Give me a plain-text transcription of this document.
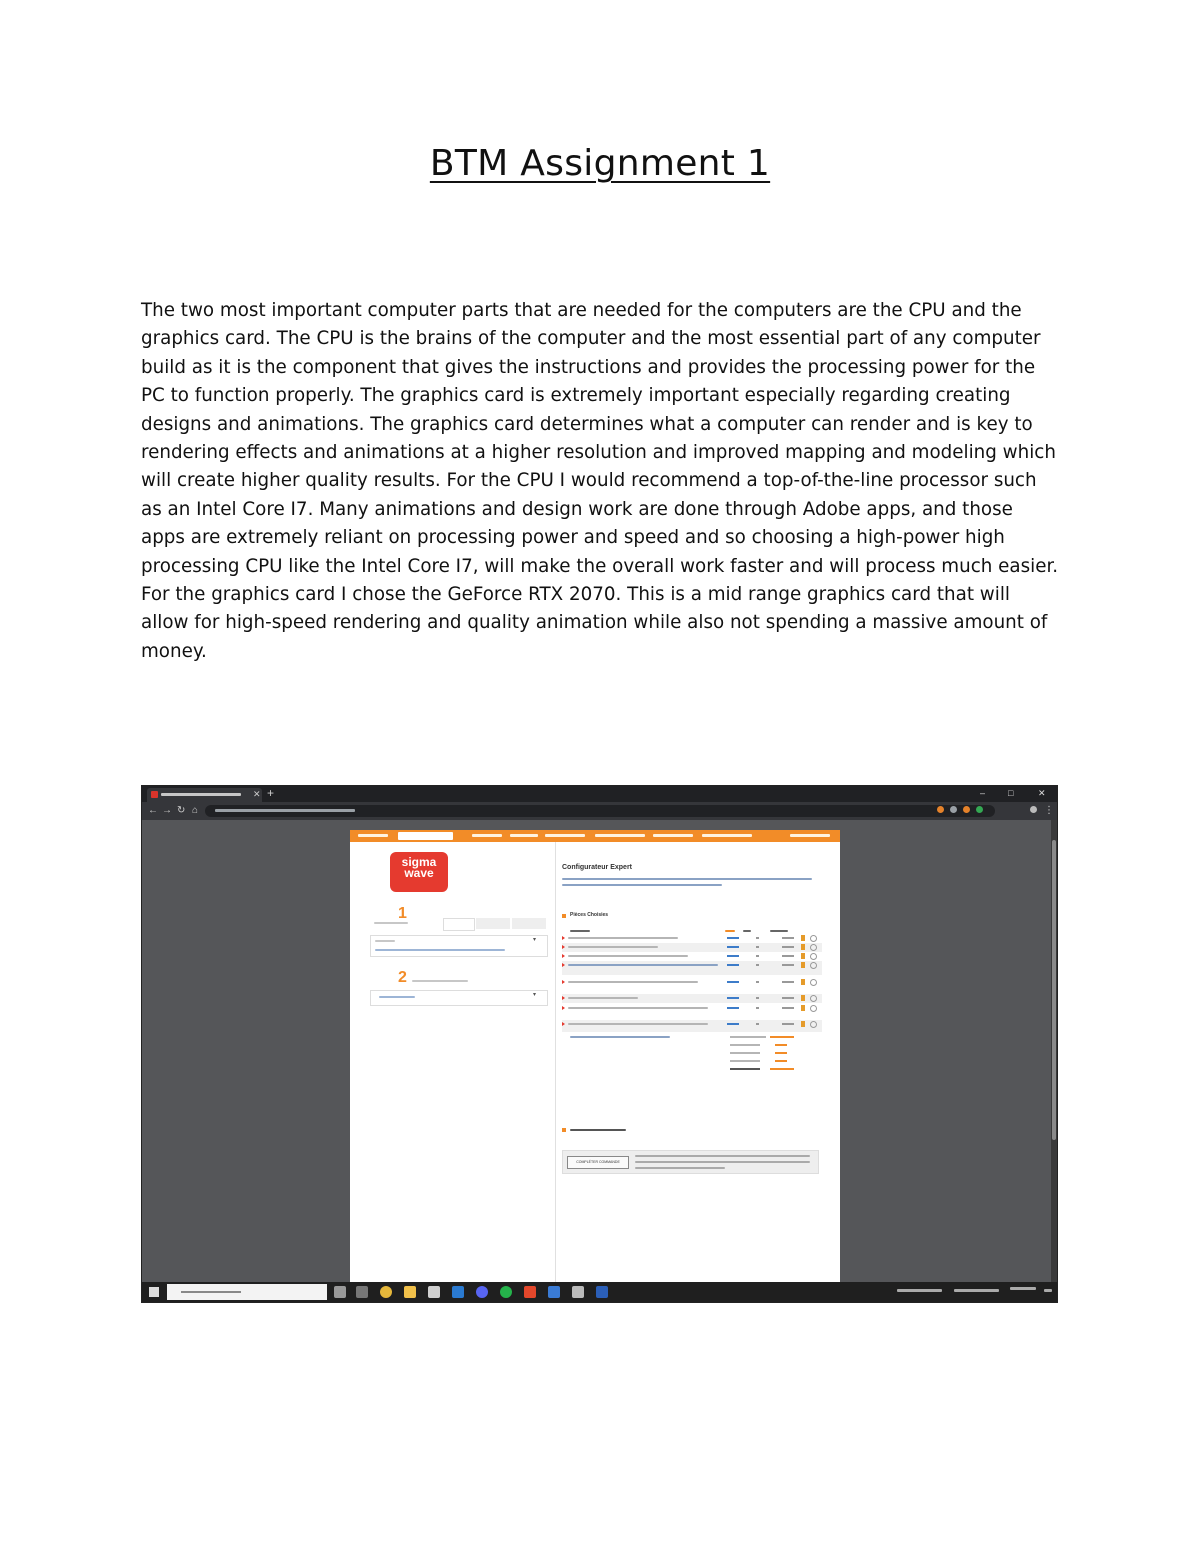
BTM Assignment 1

The two most important computer parts that are needed for the computers are the CPU and the graphics card. The CPU is the brains of the computer and the most essential part of any computer build as it is the component that gives the instructions and provides the processing power for the PC to function properly. The graphics card is extremely important especially regarding creating designs and animations. The graphics card determines what a computer can render and is key to rendering effects and animations at a higher resolution and improved mapping and modeling which will create higher quality results. For the CPU I would recommend a top-of-the-line processor such as an Intel Core I7. Many animations and design work are done through Adobe apps, and those apps are extremely reliant on processing power and speed and so choosing a high-power high processing CPU like the Intel Core I7, will make the overall work faster and will process much easier. For the graphics card I chose the GeForce RTX 2070. This is a mid range graphics card that will allow for high-speed rendering and quality animation while also not spending a massive amount of money.

✕ +	–	□	✕
← → ↻ ⌂	⋮
sigma
wave
1
▾
2
▾
Configurateur Expert
Pièces Choisies
COMPLÉTER COMMANDE
